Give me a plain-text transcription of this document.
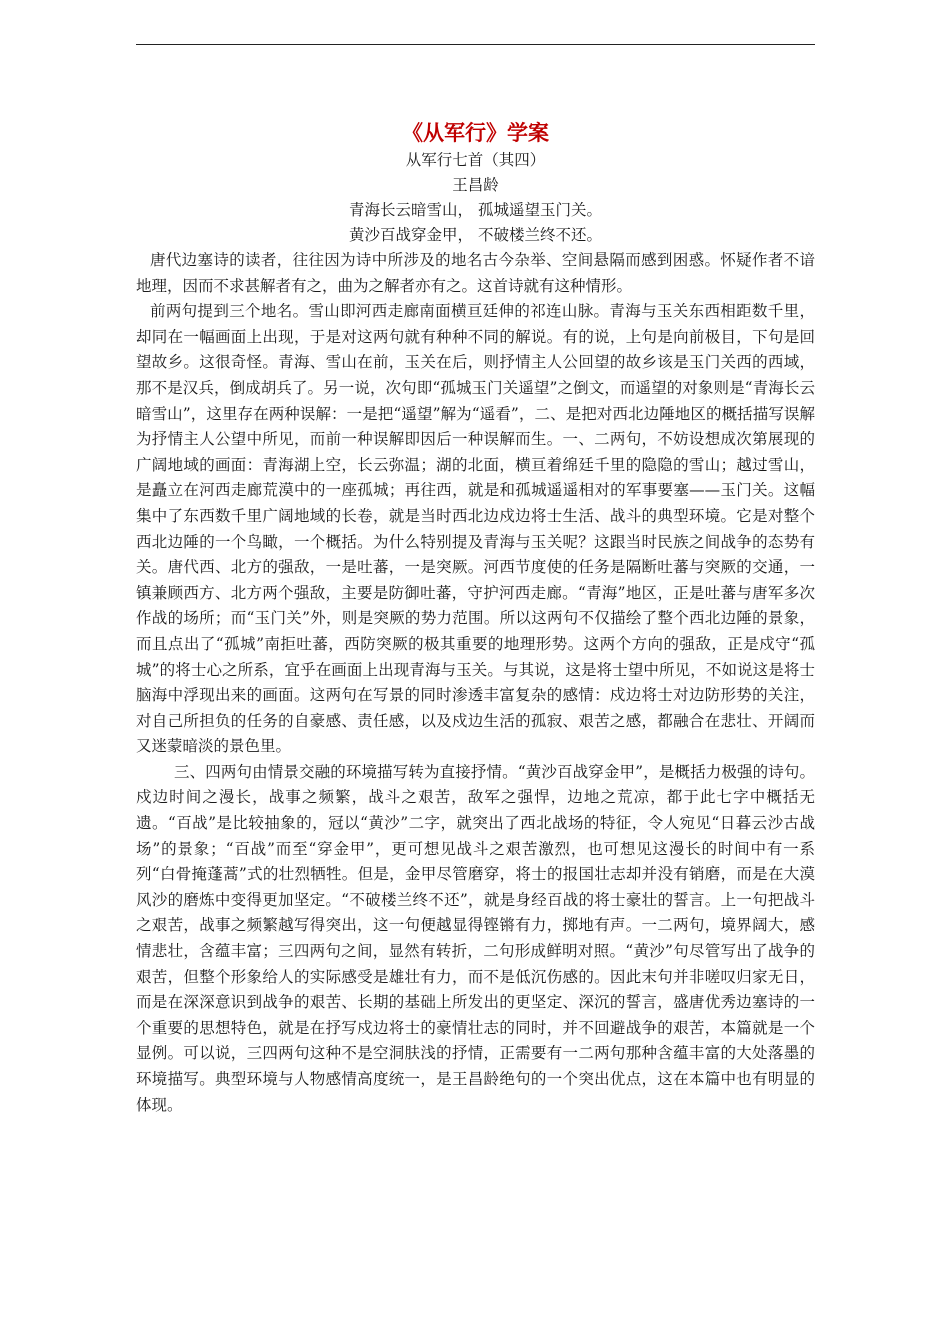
《从军行》学案

从军行七首（其四）

王昌龄

青海长云暗雪山， 孤城遥望玉门关。

黄沙百战穿金甲， 不破楼兰终不还。

唐代边塞诗的读者，往往因为诗中所涉及的地名古今杂举、空间悬隔而感到困惑。怀疑作者不谙地理，因而不求甚解者有之，曲为之解者亦有之。这首诗就有这种情形。

前两句提到三个地名。雪山即河西走廊南面横亘廷伸的祁连山脉。青海与玉关东西相距数千里，却同在一幅画面上出现，于是对这两句就有种种不同的解说。有的说，上句是向前极目，下句是回望故乡。这很奇怪。青海、雪山在前，玉关在后，则抒情主人公回望的故乡该是玉门关西的西域，那不是汉兵，倒成胡兵了。另一说，次句即“孤城玉门关遥望”之倒文，而遥望的对象则是“青海长云暗雪山”，这里存在两种误解：一是把“遥望”解为“遥看”，二、是把对西北边陲地区的概括描写误解为抒情主人公望中所见，而前一种误解即因后一种误解而生。一、二两句，不妨设想成次第展现的广阔地域的画面：青海湖上空，长云弥温；湖的北面，横亘着绵廷千里的隐隐的雪山；越过雪山，是矗立在河西走廊荒漠中的一座孤城；再往西，就是和孤城遥遥相对的军事要塞——玉门关。这幅集中了东西数千里广阔地域的长卷，就是当时西北边戍边将士生活、战斗的典型环境。它是对整个西北边陲的一个鸟瞰，一个概括。为什么特别提及青海与玉关呢？这跟当时民族之间战争的态势有关。唐代西、北方的强敌，一是吐蕃，一是突厥。河西节度使的任务是隔断吐蕃与突厥的交通，一镇兼顾西方、北方两个强敌，主要是防御吐蕃，守护河西走廊。“青海”地区，正是吐蕃与唐军多次作战的场所；而“玉门关”外，则是突厥的势力范围。所以这两句不仅描绘了整个西北边陲的景象，而且点出了“孤城”南拒吐蕃，西防突厥的极其重要的地理形势。这两个方向的强敌，正是戍守“孤城”的将士心之所系，宜乎在画面上出现青海与玉关。与其说，这是将士望中所见，不如说这是将士脑海中浮现出来的画面。这两句在写景的同时渗透丰富复杂的感情：戍边将士对边防形势的关注，对自己所担负的任务的自豪感、责任感，以及戍边生活的孤寂、艰苦之感，都融合在悲壮、开阔而又迷蒙暗淡的景色里。

三、四两句由情景交融的环境描写转为直接抒情。“黄沙百战穿金甲”，是概括力极强的诗句。戍边时间之漫长，战事之频繁，战斗之艰苦，敌军之强悍，边地之荒凉，都于此七字中概括无遗。“百战”是比较抽象的，冠以“黄沙”二字，就突出了西北战场的特征，令人宛见“日暮云沙古战场”的景象；“百战”而至“穿金甲”，更可想见战斗之艰苦激烈，也可想见这漫长的时间中有一系列“白骨掩蓬蒿”式的壮烈牺牲。但是，金甲尽管磨穿，将士的报国壮志却并没有销磨，而是在大漠风沙的磨炼中变得更加坚定。“不破楼兰终不还”，就是身经百战的将士豪壮的誓言。上一句把战斗之艰苦，战事之频繁越写得突出，这一句便越显得铿锵有力，掷地有声。一二两句，境界阔大，感情悲壮，含蕴丰富；三四两句之间，显然有转折，二句形成鲜明对照。“黄沙”句尽管写出了战争的艰苦，但整个形象给人的实际感受是雄壮有力，而不是低沉伤感的。因此末句并非嗟叹归家无日，而是在深深意识到战争的艰苦、长期的基础上所发出的更坚定、深沉的誓言，盛唐优秀边塞诗的一个重要的思想特色，就是在抒写戍边将士的豪情壮志的同时，并不回避战争的艰苦，本篇就是一个显例。可以说，三四两句这种不是空洞肤浅的抒情，正需要有一二两句那种含蕴丰富的大处落墨的环境描写。典型环境与人物感情高度统一，是王昌龄绝句的一个突出优点，这在本篇中也有明显的体现。
